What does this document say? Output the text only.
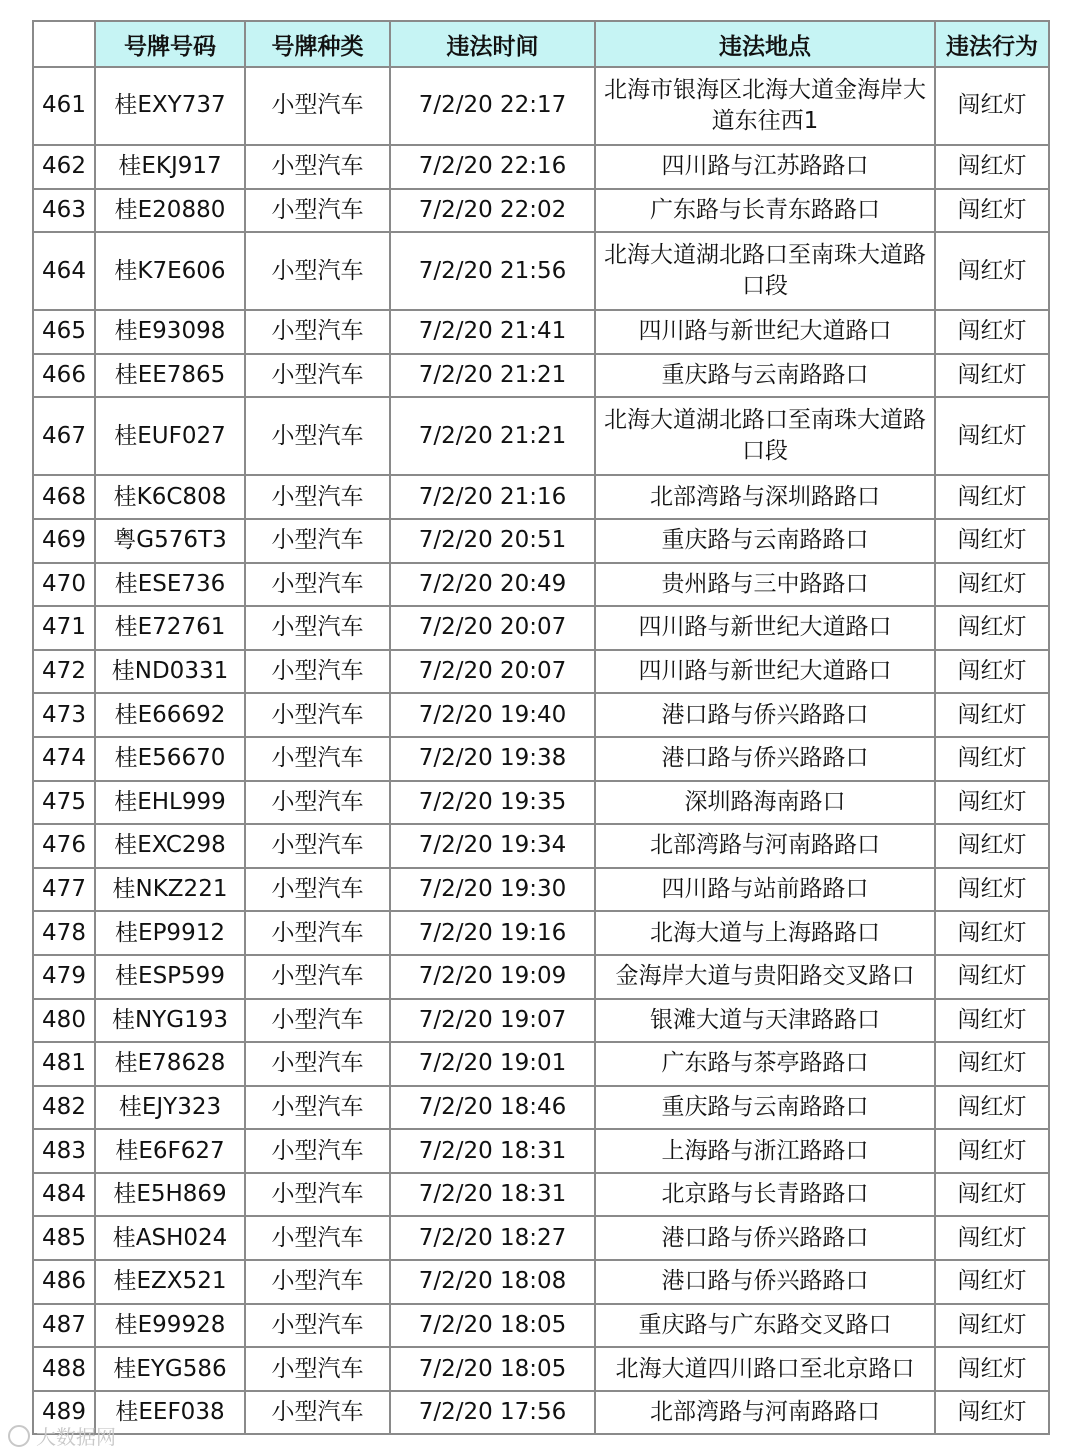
	号牌号码	号牌种类	违法时间	违法地点	违法行为
461	桂EXY737	小型汽车	7/2/20 22:17	北海市银海区北海大道金海岸大道东往西1	闯红灯
462	桂EKJ917	小型汽车	7/2/20 22:16	四川路与江苏路路口	闯红灯
463	桂E20880	小型汽车	7/2/20 22:02	广东路与长青东路路口	闯红灯
464	桂K7E606	小型汽车	7/2/20 21:56	北海大道湖北路口至南珠大道路口段	闯红灯
465	桂E93098	小型汽车	7/2/20 21:41	四川路与新世纪大道路口	闯红灯
466	桂EE7865	小型汽车	7/2/20 21:21	重庆路与云南路路口	闯红灯
467	桂EUF027	小型汽车	7/2/20 21:21	北海大道湖北路口至南珠大道路口段	闯红灯
468	桂K6C808	小型汽车	7/2/20 21:16	北部湾路与深圳路路口	闯红灯
469	粤G576T3	小型汽车	7/2/20 20:51	重庆路与云南路路口	闯红灯
470	桂ESE736	小型汽车	7/2/20 20:49	贵州路与三中路路口	闯红灯
471	桂E72761	小型汽车	7/2/20 20:07	四川路与新世纪大道路口	闯红灯
472	桂ND0331	小型汽车	7/2/20 20:07	四川路与新世纪大道路口	闯红灯
473	桂E66692	小型汽车	7/2/20 19:40	港口路与侨兴路路口	闯红灯
474	桂E56670	小型汽车	7/2/20 19:38	港口路与侨兴路路口	闯红灯
475	桂EHL999	小型汽车	7/2/20 19:35	深圳路海南路口	闯红灯
476	桂EXC298	小型汽车	7/2/20 19:34	北部湾路与河南路路口	闯红灯
477	桂NKZ221	小型汽车	7/2/20 19:30	四川路与站前路路口	闯红灯
478	桂EP9912	小型汽车	7/2/20 19:16	北海大道与上海路路口	闯红灯
479	桂ESP599	小型汽车	7/2/20 19:09	金海岸大道与贵阳路交叉路口	闯红灯
480	桂NYG193	小型汽车	7/2/20 19:07	银滩大道与天津路路口	闯红灯
481	桂E78628	小型汽车	7/2/20 19:01	广东路与茶亭路路口	闯红灯
482	桂EJY323	小型汽车	7/2/20 18:46	重庆路与云南路路口	闯红灯
483	桂E6F627	小型汽车	7/2/20 18:31	上海路与浙江路路口	闯红灯
484	桂E5H869	小型汽车	7/2/20 18:31	北京路与长青路路口	闯红灯
485	桂ASH024	小型汽车	7/2/20 18:27	港口路与侨兴路路口	闯红灯
486	桂EZX521	小型汽车	7/2/20 18:08	港口路与侨兴路路口	闯红灯
487	桂E99928	小型汽车	7/2/20 18:05	重庆路与广东路交叉路口	闯红灯
488	桂EYG586	小型汽车	7/2/20 18:05	北海大道四川路口至北京路口	闯红灯
489	桂EEF038	小型汽车	7/2/20 17:56	北部湾路与河南路路口	闯红灯
大数据网
